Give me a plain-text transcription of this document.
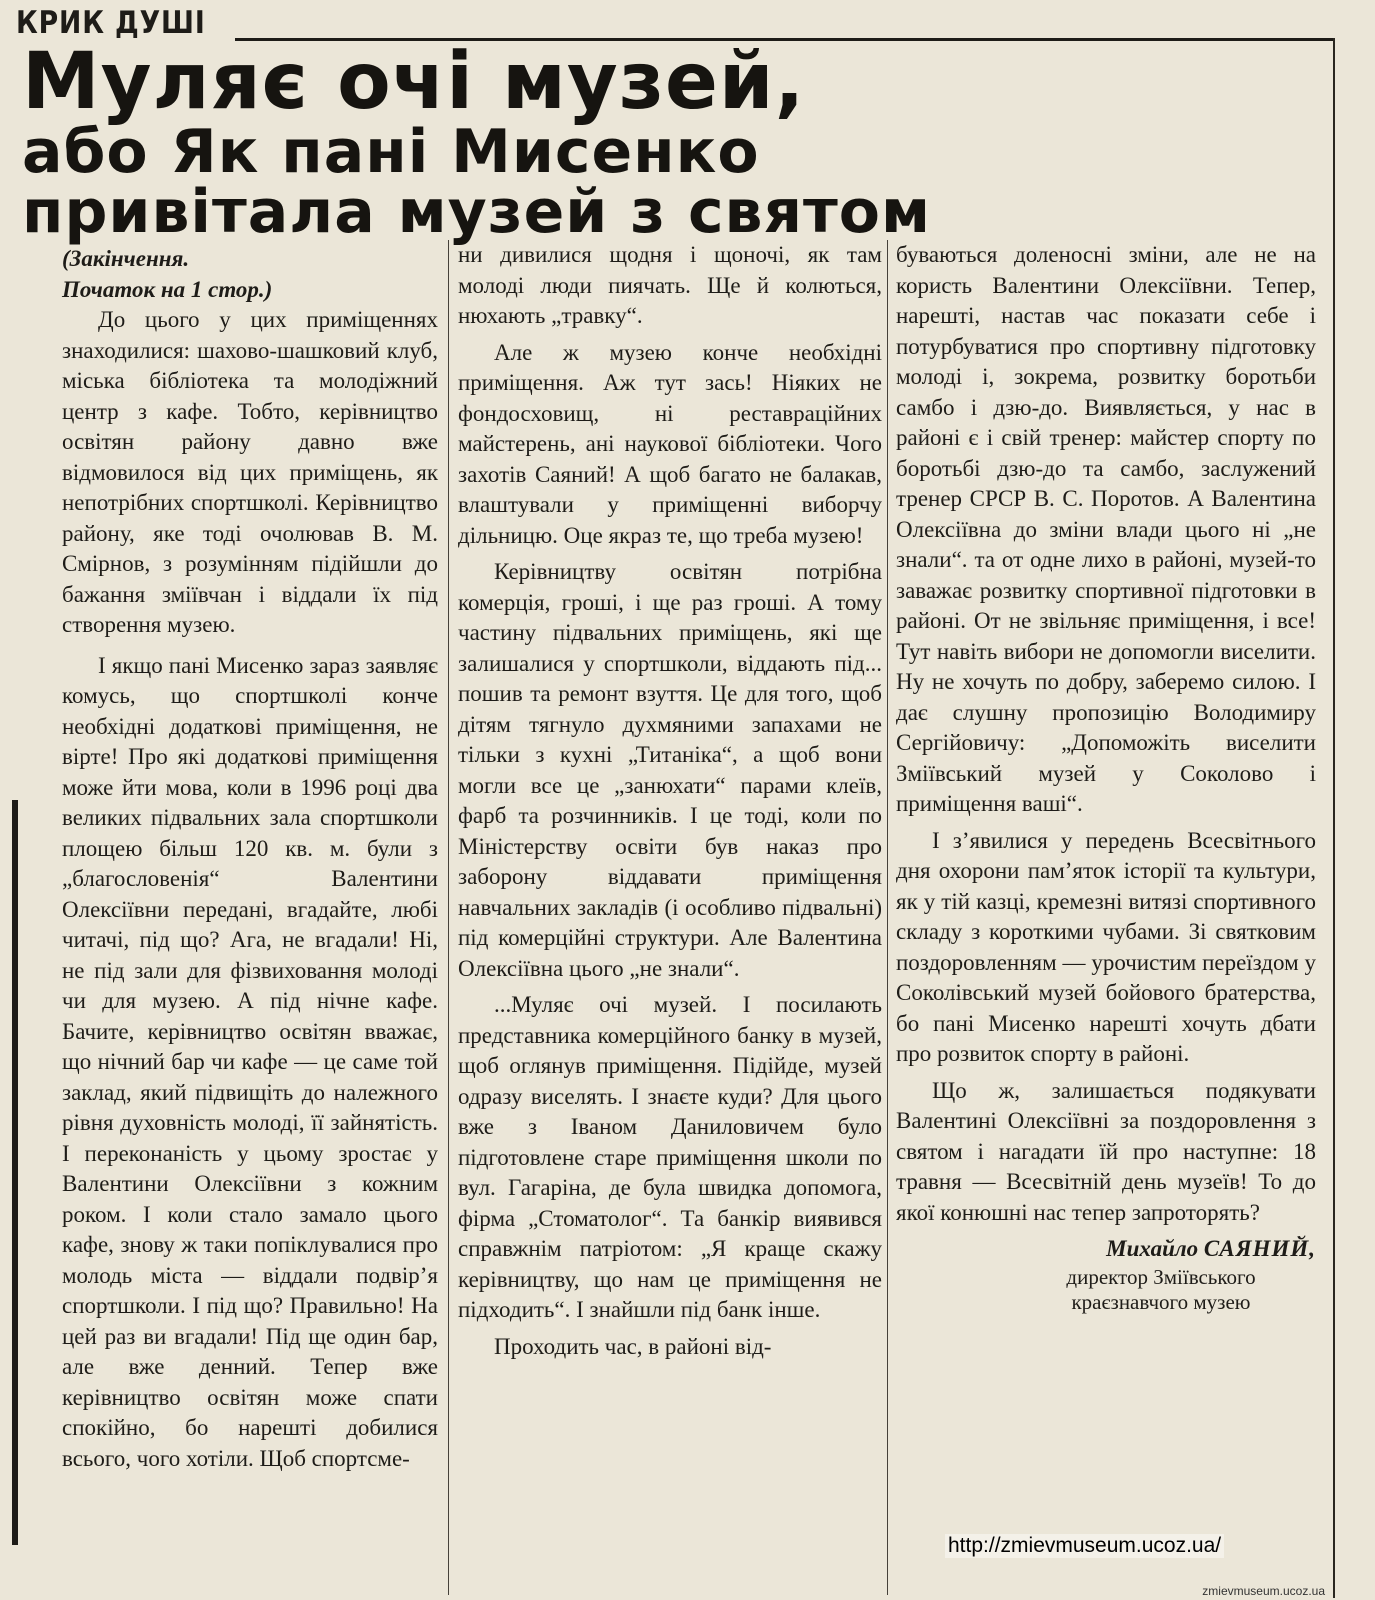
КРИК ДУШІ
Муляє очі музей,
або Як пані Мисенко
привітала музей з святом

(Закінчення.
Початок на 1 стор.)

До цього у цих приміщеннях знаходилися: шахово-шашковий клуб, міська бібліотека та молодіжний центр з кафе. Тобто, керівництво освітян району давно вже відмовилося від цих приміщень, як непотрібних спортшколі. Керівництво району, яке тоді очолював В. М. Смірнов, з розумінням підійшли до бажання зміївчан і віддали їх під створення музею.

І якщо пані Мисенко зараз заявляє комусь, що спортшколі конче необхідні додаткові приміщення, не вірте! Про які додаткові приміщення може йти мова, коли в 1996 році два великих підвальних зала спортшколи площею більш 120 кв. м. були з „благословенія“ Валентини Олексіївни передані, вгадайте, любі читачі, під що? Ага, не вгадали! Ні, не під зали для фізвиховання молоді чи для музею. А під нічне кафе. Бачите, керівництво освітян вважає, що нічний бар чи кафе — це саме той заклад, який підвищіть до належного рівня духовність молоді, її зайнятість. І переконаність у цьому зростає у Валентини Олексіївни з кожним роком. І коли стало замало цього кафе, знову ж таки попіклувалися про молодь міста — віддали подвір’я спортшколи. І під що? Правильно! На цей раз ви вгадали! Під ще один бар, але вже денний. Тепер вже керівництво освітян може спати спокійно, бо нарешті добилися всього, чого хотіли. Щоб спортсме-

ни дивилися щодня і щоночі, як там молоді люди пиячать. Ще й колються, нюхають „травку“.

Але ж музею конче необхідні приміщення. Аж тут зась! Ніяких не фондосховищ, ні реставраційних майстерень, ані наукової бібліотеки. Чого захотів Саяний! А щоб багато не балакав, влаштували у приміщенні виборчу дільницю. Оце якраз те, що треба музею!

Керівництву освітян потрібна комерція, гроші, і ще раз гроші. А тому частину підвальних приміщень, які ще залишалися у спортшколи, віддають під... пошив та ремонт взуття. Це для того, щоб дітям тягнуло духмяними запахами не тільки з кухні „Титаніка“, а щоб вони могли все це „занюхати“ парами клеїв, фарб та розчинників. І це тоді, коли по Міністерству освіти був наказ про заборону віддавати приміщення навчальних закладів (і особливо підвальні) під комерційні структури. Але Валентина Олексіївна цього „не знали“.

...Муляє очі музей. І посилають представника комерційного банку в музей, щоб оглянув приміщення. Підійде, музей одразу виселять. І знаєте куди? Для цього вже з Іваном Даниловичем було підготовлене старе приміщення школи по вул. Гагаріна, де була швидка допомога, фірма „Стоматолог“. Та банкір виявився справжнім патріотом: „Я краще скажу керівництву, що нам це приміщення не підходить“. І знайшли під банк інше.

Проходить час, в районі від-

буваються доленосні зміни, але не на користь Валентини Олексіївни. Тепер, нарешті, настав час показати себе і потурбуватися про спортивну підготовку молоді і, зокрема, розвитку боротьби самбо і дзю-до. Виявляється, у нас в районі є і свій тренер: майстер спорту по боротьбі дзю-до та самбо, заслужений тренер СРСР В. С. Поротов. А Валентина Олексіївна до зміни влади цього ні „не знали“. та от одне лихо в районі, музей-то заважає розвитку спортивної підготовки в районі. От не звільняє приміщення, і все! Тут навіть вибори не допомогли виселити. Ну не хочуть по добру, заберемо силою. І дає слушну пропозицію Володимиру Сергійовичу: „Допоможіть виселити Зміївський музей у Соколово і приміщення ваші“.

І з’явилися у передень Всесвітнього дня охорони пам’яток історії та культури, як у тій казці, кремезні витязі спортивного складу з короткими чубами. Зі святковим поздоровленням — урочистим переїздом у Соколівський музей бойового братерства, бо пані Мисенко нарешті хочуть дбати про розвиток спорту в районі.

Що ж, залишається подякувати Валентині Олексіївні за поздоровлення з святом і нагадати їй про наступне: 18 травня — Всесвітній день музеїв! То до якої конюшні нас тепер запроторять?

Михайло САЯНИЙ,

директор Зміївського
краєзнавчого музею

http://zmievmuseum.ucoz.ua/
zmievmuseum.ucoz.ua
